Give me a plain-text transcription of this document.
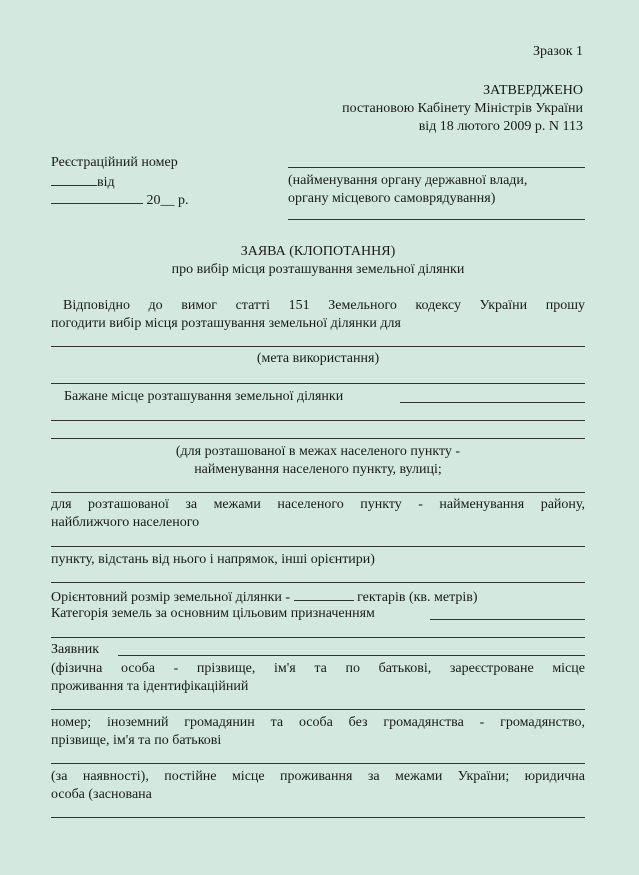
Зразок 1

ЗАТВЕРДЖЕНО

постановою Кабінету Міністрів України

від 18 лютого 2009 р. N 113

Реєстраційний номер

від

20__ р.

(найменування органу державної влади,

органу місцевого самоврядування)

ЗАЯВА (КЛОПОТАННЯ)

про вибір місця розташування земельної ділянки

Відповідно до вимог статті 151 Земельного кодексу України прошу

погодити вибір місця розташування земельної ділянки для

(мета використання)

Бажане місце розташування земельної ділянки

(для розташованої в межах населеного пункту -

найменування населеного пункту, вулиці;

для розташованої за межами населеного пункту - найменування району,

найближчого населеного

пункту, відстань від нього і напрямок, інші орієнтири)

Орієнтовний розмір земельної ділянки -	гектарів (кв. метрів)

Категорія земель за основним цільовим призначенням

Заявник

(фізична особа - прізвище, ім'я та по батькові, зареєстроване місце

проживання та ідентифікаційний

номер; іноземний громадянин та особа без громадянства - громадянство,

прізвище, ім'я та по батькові

(за наявності), постійне місце проживання за межами України; юридична

особа (заснована
